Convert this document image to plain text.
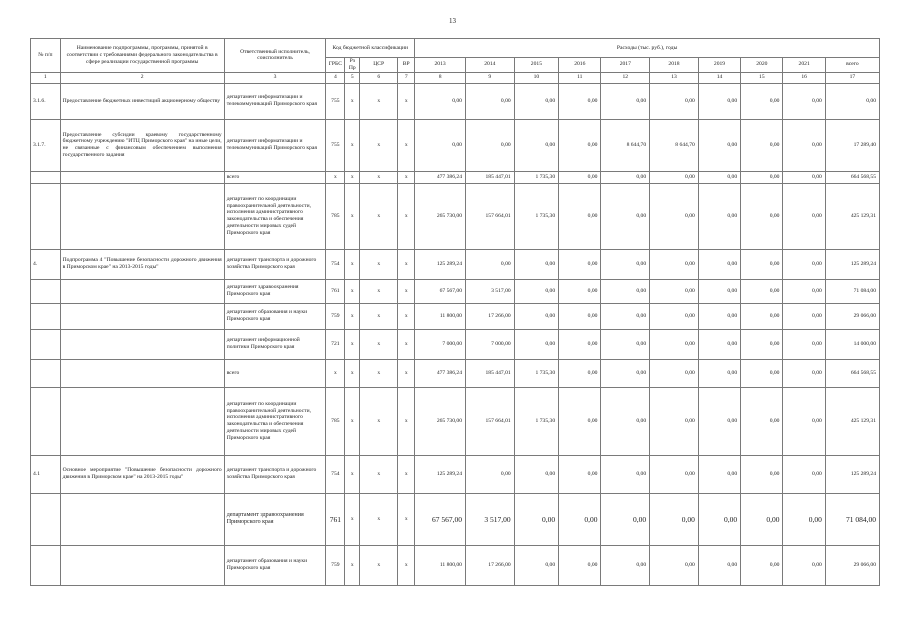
13
№ п/п	Наименование подпрограммы, программы, принятой в соответствии с требованиями федерального законодательства в сфере реализации государственной программы	Ответственный исполнитель, соисполнитель	Код бюджетной классификации				Расходы (тыс. руб.), годы									
			ГРБС	Рз Пр	ЦСР	ВР	2013	2014	2015	2016	2017	2018	2019	2020	2021	всего
1	2	3	4	5	6	7	8	9	10	11	12	13	14	15	16	17
3.1.6.	Предоставление бюджетных инвестиций акционерному обществу	департамент информатизации и телекоммуникаций Приморского края	755	x	x	x	0,00	0,00	0,00	0,00	0,00	0,00	0,00	0,00	0,00	0,00
3.1.7.	Предоставление субсидии краевому государственному бюджетному учреждению "ИТЦ Приморского края" на иные цели, не связанные с финансовым обеспечением выполнения государственного задания	департамент информатизации и телекоммуникаций Приморского края	755	x	x	x	0,00	0,00	0,00	0,00	8 644,70	8 644,70	0,00	0,00	0,00	17 289,40
		всего	x	x	x	x	477 386,24	185 447,01	1 735,30	0,00	0,00	0,00	0,00	0,00	0,00	664 568,55
		департамент по координации правоохранительной деятельности, исполнения административного законодательства и обеспечения деятельности мировых судей Приморского края	785	x	x	x	265 730,00	157 664,01	1 735,30	0,00	0,00	0,00	0,00	0,00	0,00	425 129,31
4.	Подпрограмма 4 "Повышение безопасности дорожного движения в Приморском крае" на 2013-2015 годы"	департамент транспорта и дорожного хозяйства Приморского края	754	x	x	x	125 289,24	0,00	0,00	0,00	0,00	0,00	0,00	0,00	0,00	125 289,24
		департамент здравоохранения Приморского края	761	x	x	x	67 567,00	3 517,00	0,00	0,00	0,00	0,00	0,00	0,00	0,00	71 084,00
		департамент образования и науки Приморского края	759	x	x	x	11 800,00	17 266,00	0,00	0,00	0,00	0,00	0,00	0,00	0,00	29 066,00
		департамент информационной политики Приморского края	721	x	x	x	7 000,00	7 000,00	0,00	0,00	0,00	0,00	0,00	0,00	0,00	14 000,00
		всего	x	x	x	x	477 386,24	185 447,01	1 735,30	0,00	0,00	0,00	0,00	0,00	0,00	664 568,55
		департамент по координации правоохранительной деятельности, исполнения административного законодательства и обеспечения деятельности мировых судей Приморского края	785	x	x	x	265 730,00	157 664,01	1 735,30	0,00	0,00	0,00	0,00	0,00	0,00	425 129,31
4.1	Основное мероприятие "Повышение безопасности дорожного движения в Приморском крае" на 2013-2015 годы"	департамент транспорта и дорожного хозяйства Приморского края	754	x	x	x	125 289,24	0,00	0,00	0,00	0,00	0,00	0,00	0,00	0,00	125 289,24
		департамент здравоохранения Приморского края	761	x	x	x	67 567,00	3 517,00	0,00	0,00	0,00	0,00	0,00	0,00	0,00	71 084,00
		департамент образования и науки Приморского края	759	x	x	x	11 800,00	17 266,00	0,00	0,00	0,00	0,00	0,00	0,00	0,00	29 066,00
